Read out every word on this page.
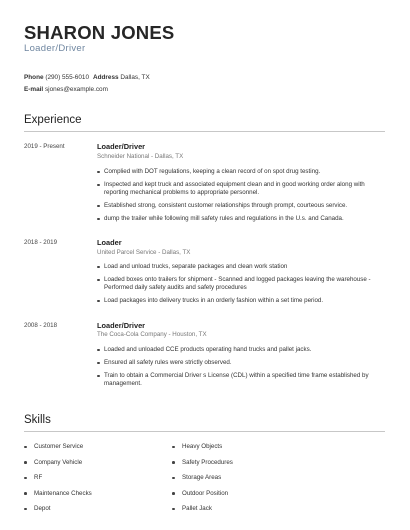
SHARON JONES
Loader/Driver
Phone (290) 555-6010 Address Dallas, TX
E-mail sjones@example.com
Experience
2019 - Present	Loader/Driver
Schneider National - Dallas, TX
Complied with DOT regulations, keeping a clean record of on spot drug testing.
Inspected and kept truck and associated equipment clean and in good working order along with reporting mechanical problems to appropriate personnel.
Established strong, consistent customer relationships through prompt, courteous service.
dump the trailer while following mill safety rules and regulations in the U.s. and Canada.
2018 - 2019	Loader
United Parcel Service - Dallas, TX
Load and unload trucks, separate packages and clean work station
Loaded boxes onto trailers for shipment - Scanned and logged packages leaving the warehouse - Performed daily safety audits and safety procedures
Load packages into delivery trucks in an orderly fashion within a set time period.
2008 - 2018	Loader/Driver
The Coca-Cola Company - Houston, TX
Loaded and unloaded CCE products operating hand trucks and pallet jacks.
Ensured all safety rules were strictly observed.
Train to obtain a Commercial Driver s License (CDL) within a specified time frame established by management.
Skills
Customer Service
Company Vehicle
RF
Maintenance Checks
Depot
Heavy Objects
Safety Procedures
Storage Areas
Outdoor Position
Pallet Jack
